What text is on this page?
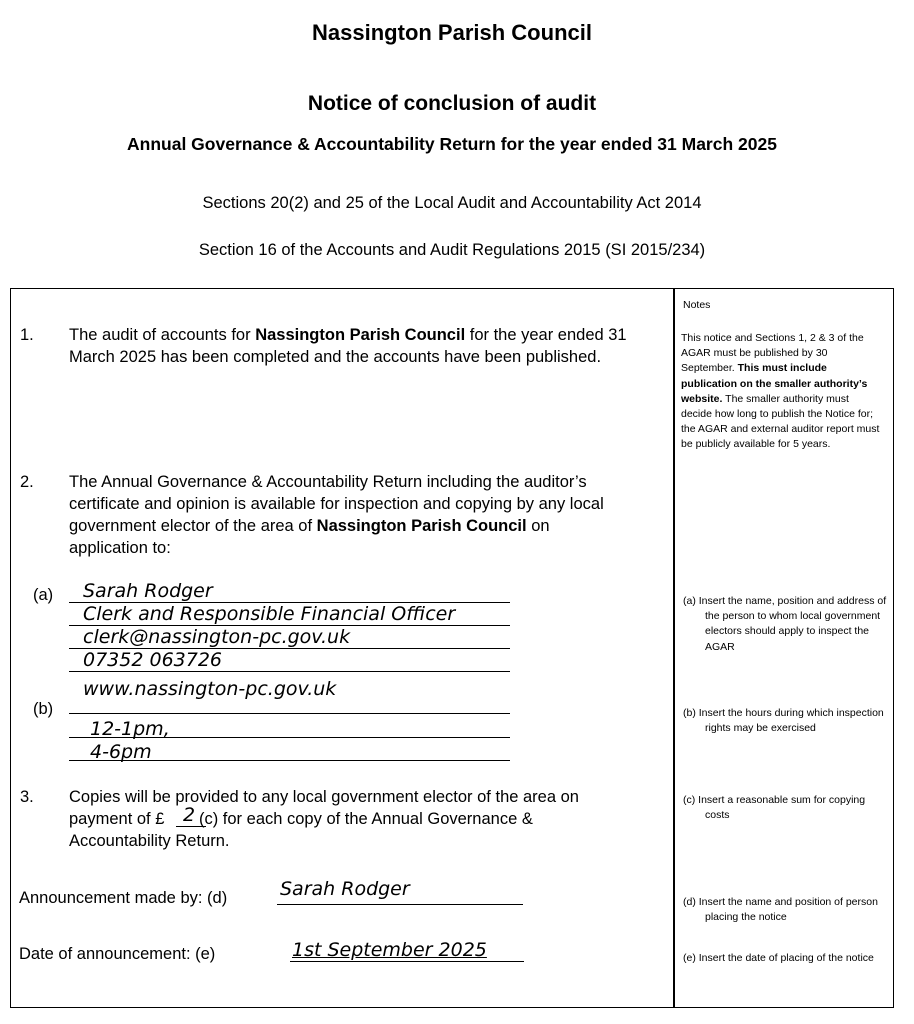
Nassington Parish Council
Notice of conclusion of audit
Annual Governance & Accountability Return for the year ended 31 March 2025
Sections 20(2) and 25 of the Local Audit and Accountability Act 2014
Section 16 of the Accounts and Audit Regulations 2015 (SI 2015/234)
Notes
This notice and Sections 1, 2 & 3 of the AGAR must be published by 30 September. This must include publication on the smaller authority’s website. The smaller authority must decide how long to publish the Notice for; the AGAR and external auditor report must be publicly available for 5 years.
(a) Insert the name, position and address of the person to whom local government electors should apply to inspect the AGAR
(b) Insert the hours during which inspection rights may be exercised
(c) Insert a reasonable sum for copying costs
(d) Insert the name and position of person placing the notice
(e) Insert the date of placing of the notice
1. The audit of accounts for Nassington Parish Council for the year ended 31
March 2025 has been completed and the accounts have been published.
2. The Annual Governance & Accountability Return including the auditor’s
certificate and opinion is available for inspection and copying by any local
government elector of the area of Nassington Parish Council on
application to:
(a) Sarah Rodger
Clerk and Responsible Financial Officer
clerk@nassington-pc.gov.uk
07352 063726
www.nassington-pc.gov.uk
(b)
12-1pm,
4-6pm
3. Copies will be provided to any local government elector of the area on
payment of £ (c) for each copy of the Annual Governance &
Accountability Return.
2
Announcement made by: (d)	Sarah Rodger
Date of announcement: (e)	1st September 2025
